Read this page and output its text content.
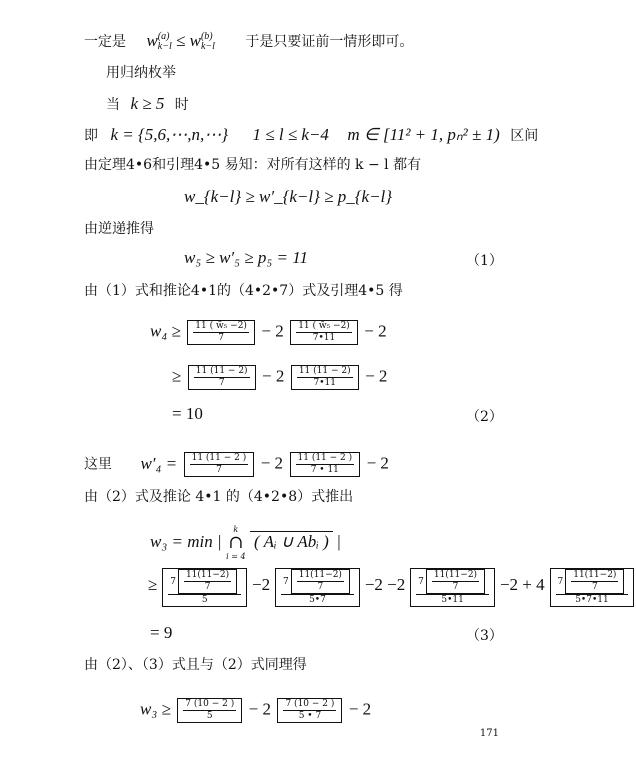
一定是 w(a)
k−l ≤ w(b)
k−l 于是只要证前一情形即可。
用归纳枚举
当 k ≥ 5 时
即 k = {5,6,⋯,n,⋯} 1 ≤ l ≤ k−4 m ∈ [11² + 1, pₙ² ± 1) 区间
由定理4•6和引理4•5 易知：对所有这样的 k − l 都有
w_{k−l} ≥ w′_{k−l} ≥ p_{k−l}
由逆递推得
w₅ ≥ w′₅ ≥ p₅ = 11	（1）
由（1）式和推论4•1的（4•2•7）式及引理4•5 得
$w_4 \ge \frac{\text{11 ( w̃₅ −2)}}{7} - 2 \frac{\text{11 ( w̃₅ −2)}}{7•11} - 2$
≥ $\frac{11 (11 - 2)}{7} - 2 \frac{11 (11 - 2)}{7•11} - 2$
= 10	（2）
这里 $w'_4 = \frac{11 (11 - 2 )}{7} - 2 \frac{11 (11 - 2 )}{7 • 11} - 2$
由（2）式及推论 4•1 的（4•2•8）式推出
w₃ = min | k
∩
i = 4 ( Aᵢ ∪ Abᵢ ) |
≥ $\frac{7 \frac{11(11-2)}{7}}{5} -2 \frac{7 \frac{11(11-2)}{7}}{5•7} -2 -2 \frac{7 \frac{11(11-2)}{7}}{5•11} -2 + 4 \frac{7 \frac{11(11-2)}{7}}{5•7•11}$
= 9	（3）
由（2）、（3）式且与（2）式同理得
$w_3 \ge \frac{7 (10 - 2 )}{5} - 2 \frac{7 (10 - 2 )}{5 • 7} - 2$
171
